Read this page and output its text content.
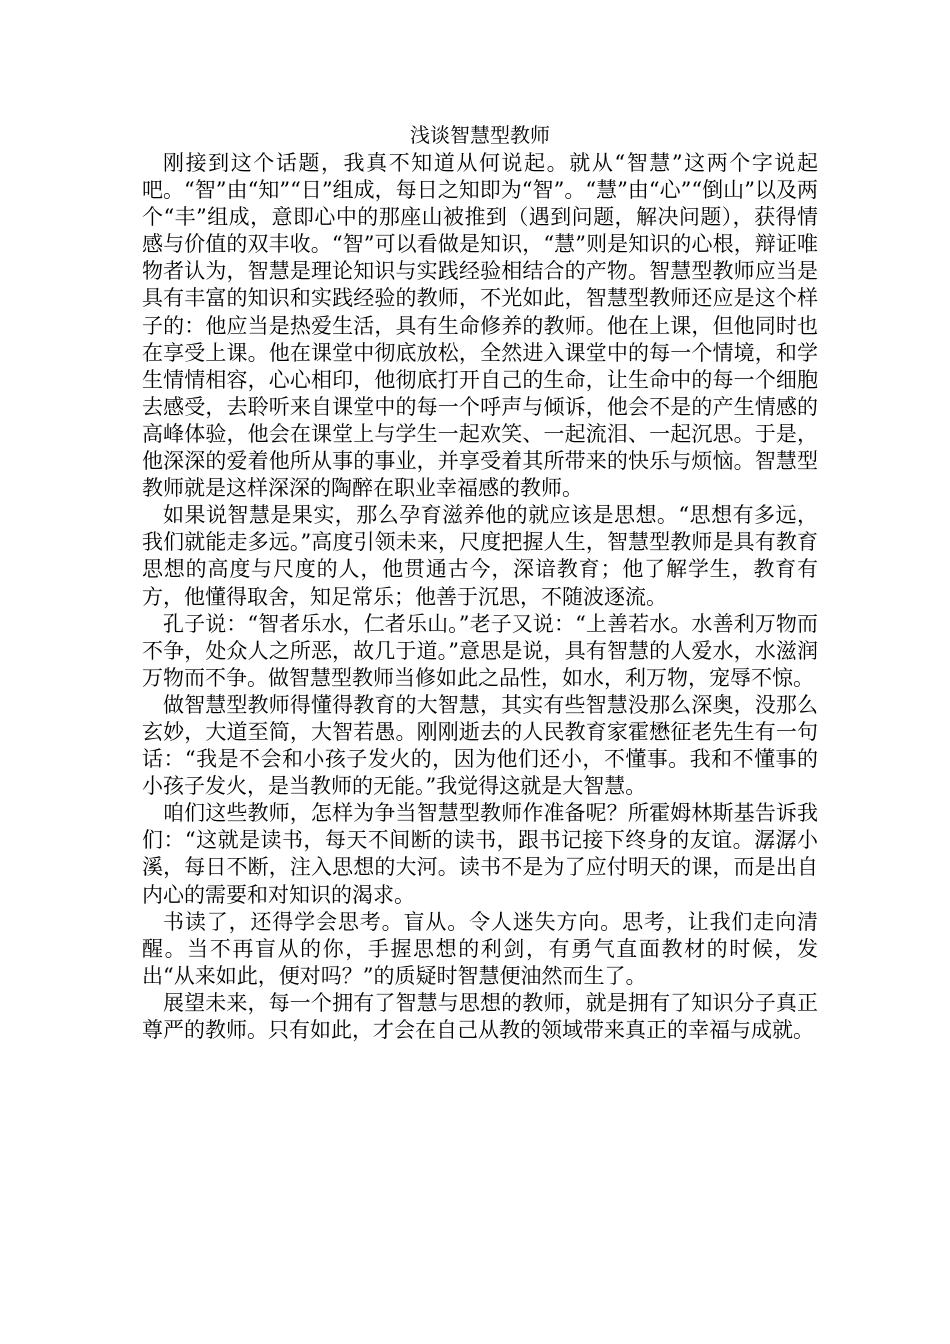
浅谈智慧型教师

刚接到这个话题，我真不知道从何说起。就从“智慧”这两个字说起吧。“智”由“知”“日”组成，每日之知即为“智”。“慧”由“心”“倒山”以及两个“丰”组成，意即心中的那座山被推到（遇到问题，解决问题），获得情感与价值的双丰收。“智”可以看做是知识，“慧”则是知识的心根，辩证唯物者认为，智慧是理论知识与实践经验相结合的产物。智慧型教师应当是具有丰富的知识和实践经验的教师，不光如此，智慧型教师还应是这个样子的：他应当是热爱生活，具有生命修养的教师。他在上课，但他同时也在享受上课。他在课堂中彻底放松，全然进入课堂中的每一个情境，和学生情情相容，心心相印，他彻底打开自己的生命，让生命中的每一个细胞去感受，去聆听来自课堂中的每一个呼声与倾诉，他会不是的产生情感的高峰体验，他会在课堂上与学生一起欢笑、一起流泪、一起沉思。于是，他深深的爱着他所从事的事业，并享受着其所带来的快乐与烦恼。智慧型教师就是这样深深的陶醉在职业幸福感的教师。

如果说智慧是果实，那么孕育滋养他的就应该是思想。“思想有多远，我们就能走多远。”高度引领未来，尺度把握人生，智慧型教师是具有教育思想的高度与尺度的人，他贯通古今，深谙教育；他了解学生，教育有方，他懂得取舍，知足常乐；他善于沉思，不随波逐流。

孔子说：“智者乐水，仁者乐山。”老子又说：“上善若水。水善利万物而不争，处众人之所恶，故几于道。”意思是说，具有智慧的人爱水，水滋润万物而不争。做智慧型教师当修如此之品性，如水，利万物，宠辱不惊。

做智慧型教师得懂得教育的大智慧，其实有些智慧没那么深奥，没那么玄妙，大道至简，大智若愚。刚刚逝去的人民教育家霍懋征老先生有一句话：“我是不会和小孩子发火的，因为他们还小，不懂事。我和不懂事的小孩子发火，是当教师的无能。”我觉得这就是大智慧。

咱们这些教师，怎样为争当智慧型教师作准备呢？所霍姆林斯基告诉我们：“这就是读书，每天不间断的读书，跟书记接下终身的友谊。潺潺小溪，每日不断，注入思想的大河。读书不是为了应付明天的课，而是出自内心的需要和对知识的渴求。

书读了，还得学会思考。盲从。令人迷失方向。思考，让我们走向清醒。当不再盲从的你，手握思想的利剑，有勇气直面教材的时候，发出“从来如此，便对吗？”的质疑时智慧便油然而生了。

展望未来，每一个拥有了智慧与思想的教师，就是拥有了知识分子真正尊严的教师。只有如此，才会在自己从教的领域带来真正的幸福与成就。
